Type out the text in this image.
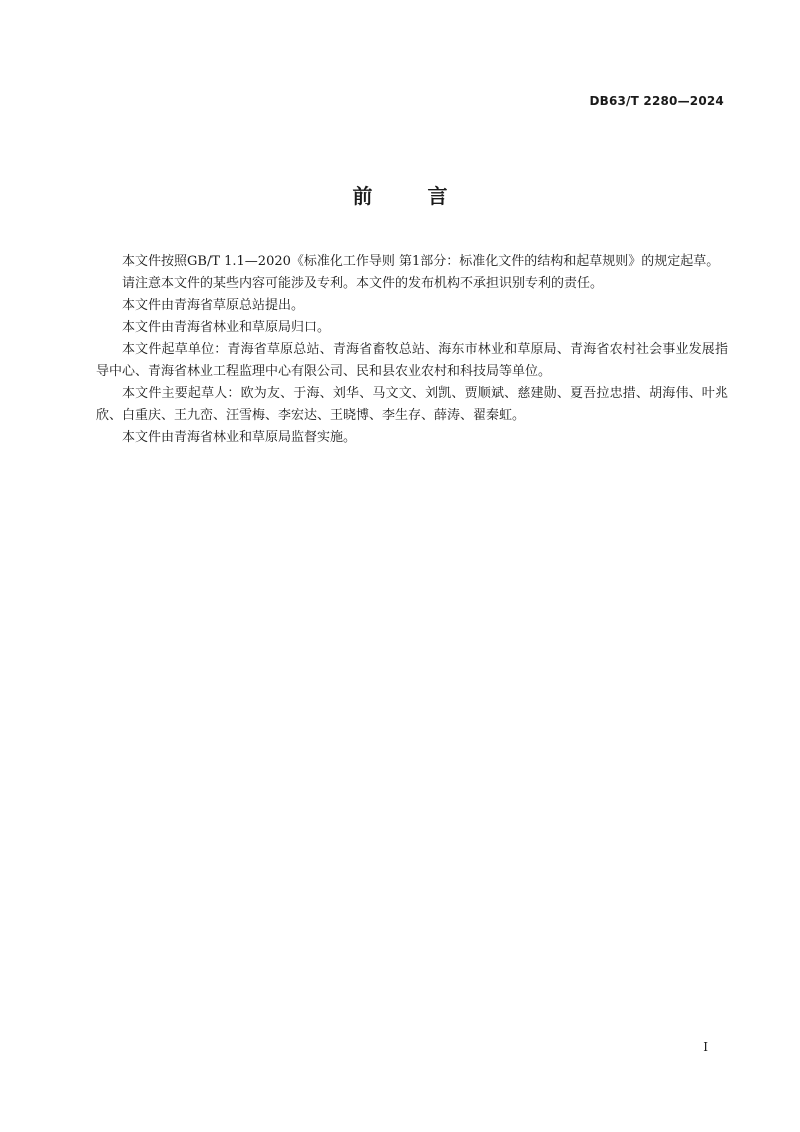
DB63/T 2280—2024
前 言

本文件按照GB/T 1.1—2020《标准化工作导则 第1部分：标准化文件的结构和起草规则》的规定起草。

请注意本文件的某些内容可能涉及专利。本文件的发布机构不承担识别专利的责任。

本文件由青海省草原总站提出。

本文件由青海省林业和草原局归口。

本文件起草单位：青海省草原总站、青海省畜牧总站、海东市林业和草原局、青海省农村社会事业发展指导中心、青海省林业工程监理中心有限公司、民和县农业农村和科技局等单位。

本文件主要起草人：欧为友、于海、刘华、马文文、刘凯、贾顺斌、慈建勋、夏吾拉忠措、胡海伟、叶兆欣、白重庆、王九峦、汪雪梅、李宏达、王晓博、李生存、薛涛、翟秦虹。

本文件由青海省林业和草原局监督实施。

I
